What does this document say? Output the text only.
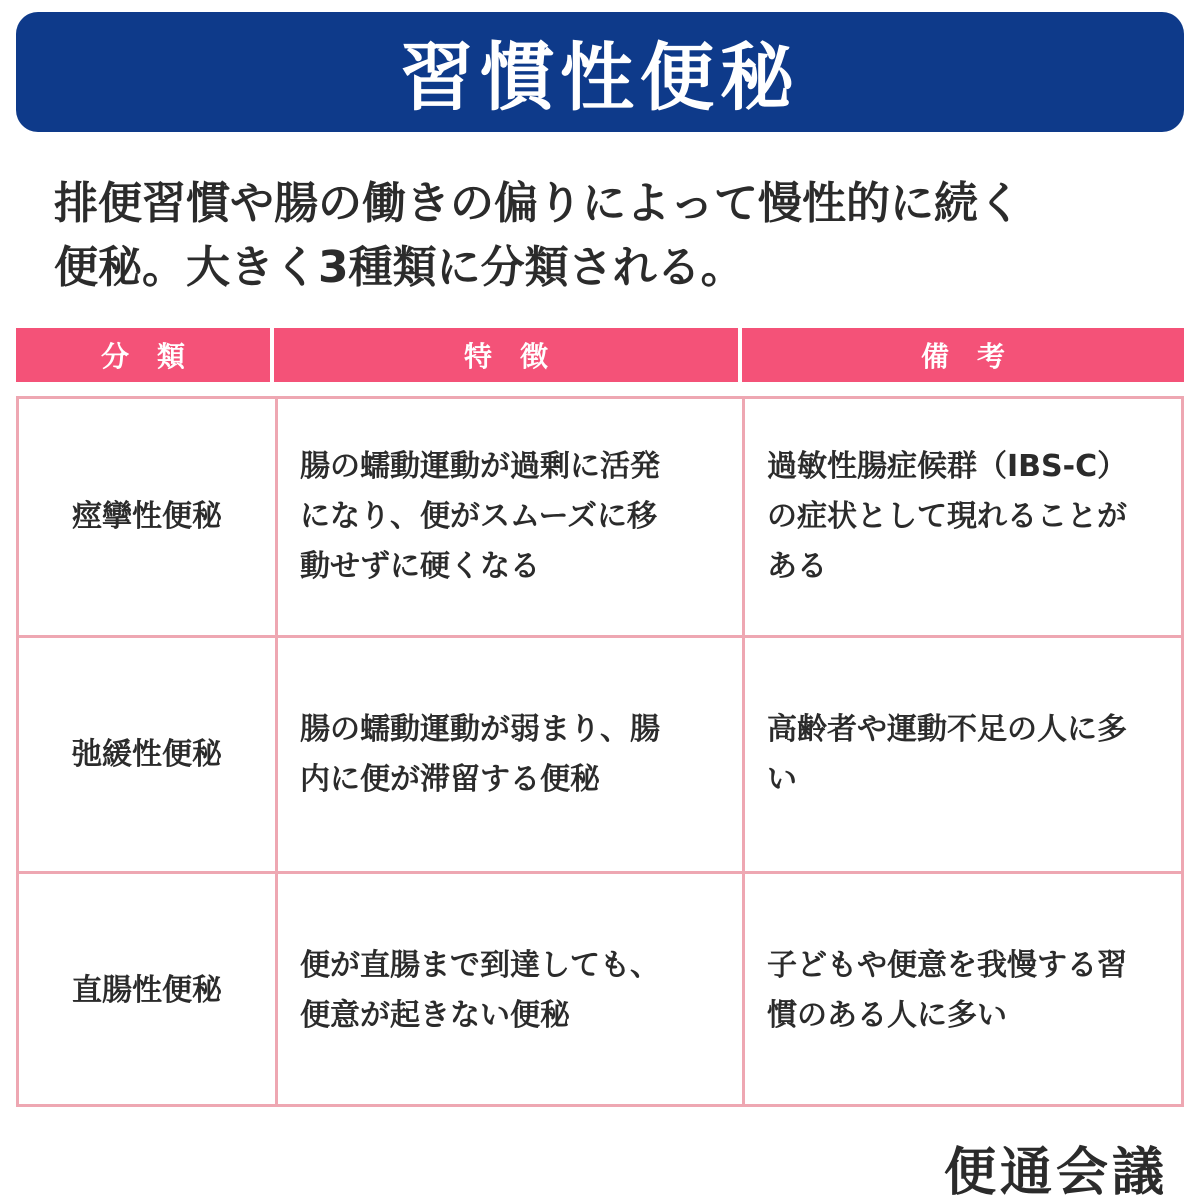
習慣性便秘
排便習慣や腸の働きの偏りによって慢性的に続く
便秘。大きく3種類に分類される。
分　類	特　徴	備　考
痙攣性便秘
腸の蠕動運動が過剰に活発
になり、便がスムーズに移
動せずに硬くなる
過敏性腸症候群（IBS-C）
の症状として現れることが
ある
弛緩性便秘
腸の蠕動運動が弱まり、腸
内に便が滞留する便秘
高齢者や運動不足の人に多
い
直腸性便秘
便が直腸まで到達しても、
便意が起きない便秘
子どもや便意を我慢する習
慣のある人に多い
便通会議
